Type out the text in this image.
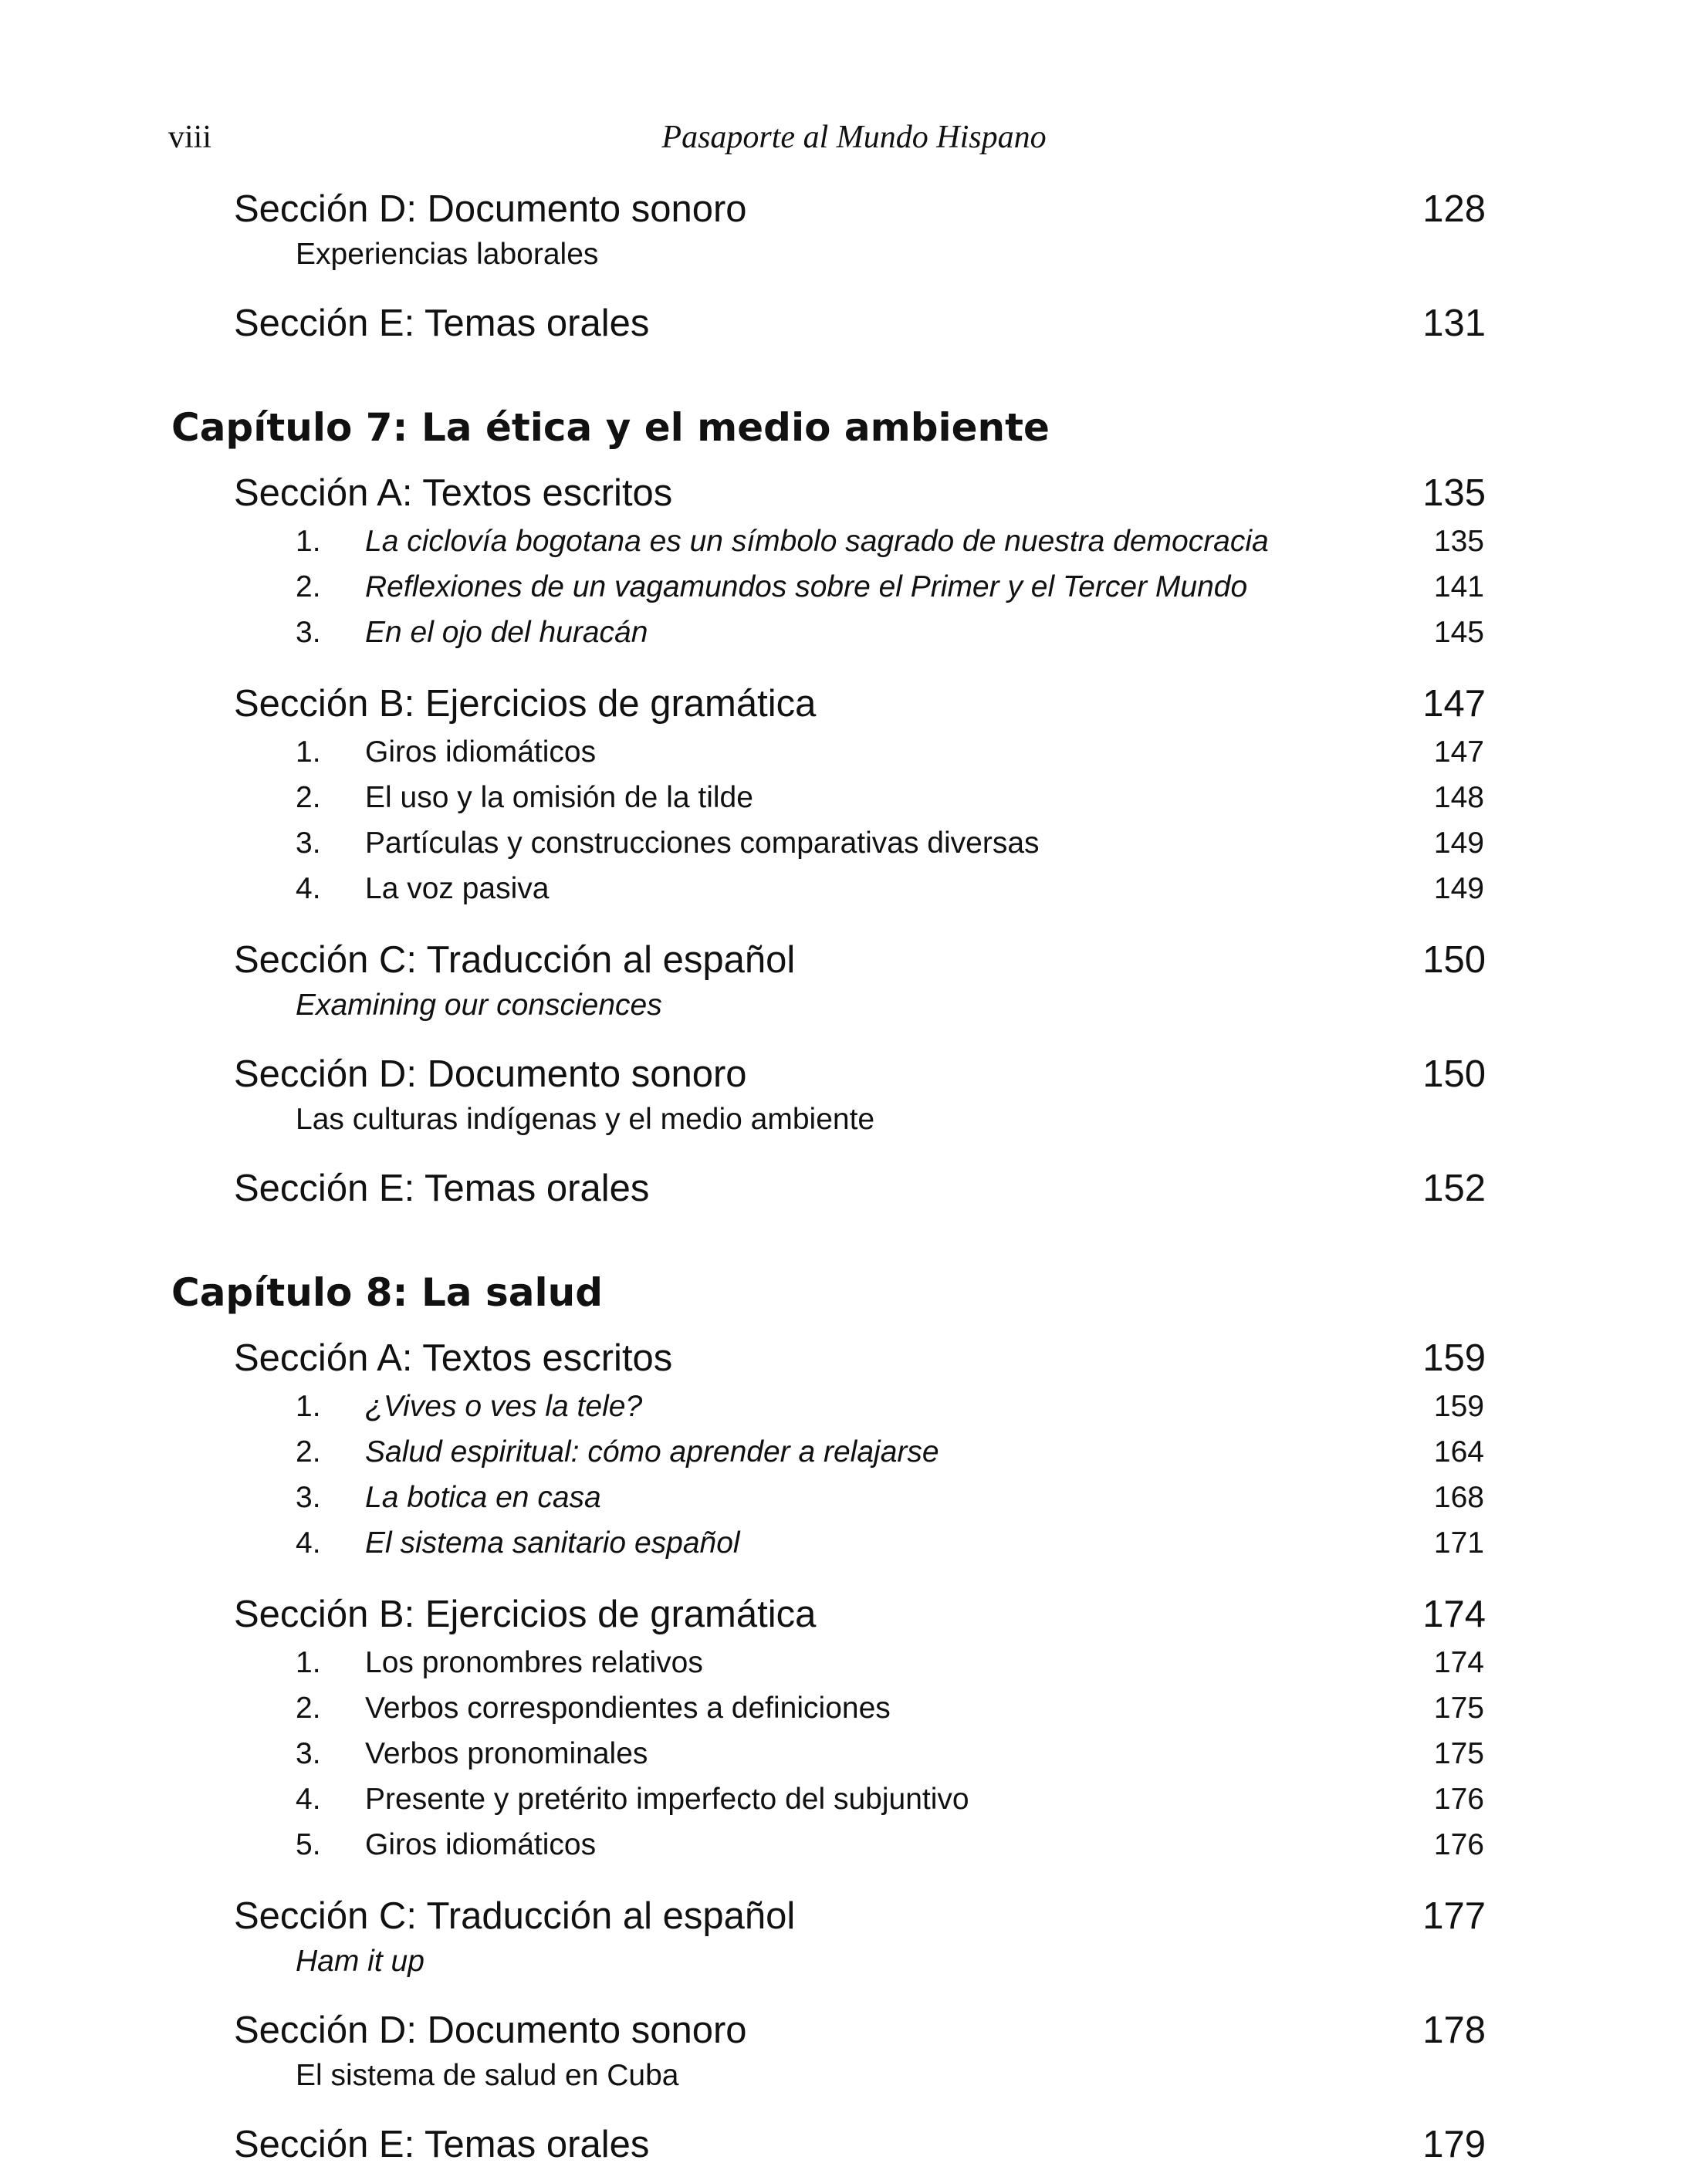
viii	Pasaporte al Mundo Hispano
Sección D: Documento sonoro	128
Experiencias laborales
Sección E: Temas orales	131
Capítulo 7: La ética y el medio ambiente
Sección A: Textos escritos	135
1. La ciclovía bogotana es un símbolo sagrado de nuestra democracia	135
2. Reflexiones de un vagamundos sobre el Primer y el Tercer Mundo	141
3. En el ojo del huracán	145
Sección B: Ejercicios de gramática	147
1. Giros idiomáticos	147
2. El uso y la omisión de la tilde	148
3. Partículas y construcciones comparativas diversas	149
4. La voz pasiva	149
Sección C: Traducción al español	150
Examining our consciences
Sección D: Documento sonoro	150
Las culturas indígenas y el medio ambiente
Sección E: Temas orales	152
Capítulo 8: La salud
Sección A: Textos escritos	159
1. ¿Vives o ves la tele?	159
2. Salud espiritual: cómo aprender a relajarse	164
3. La botica en casa	168
4. El sistema sanitario español	171
Sección B: Ejercicios de gramática	174
1. Los pronombres relativos	174
2. Verbos correspondientes a definiciones	175
3. Verbos pronominales	175
4. Presente y pretérito imperfecto del subjuntivo	176
5. Giros idiomáticos	176
Sección C: Traducción al español	177
Ham it up
Sección D: Documento sonoro	178
El sistema de salud en Cuba
Sección E: Temas orales	179
